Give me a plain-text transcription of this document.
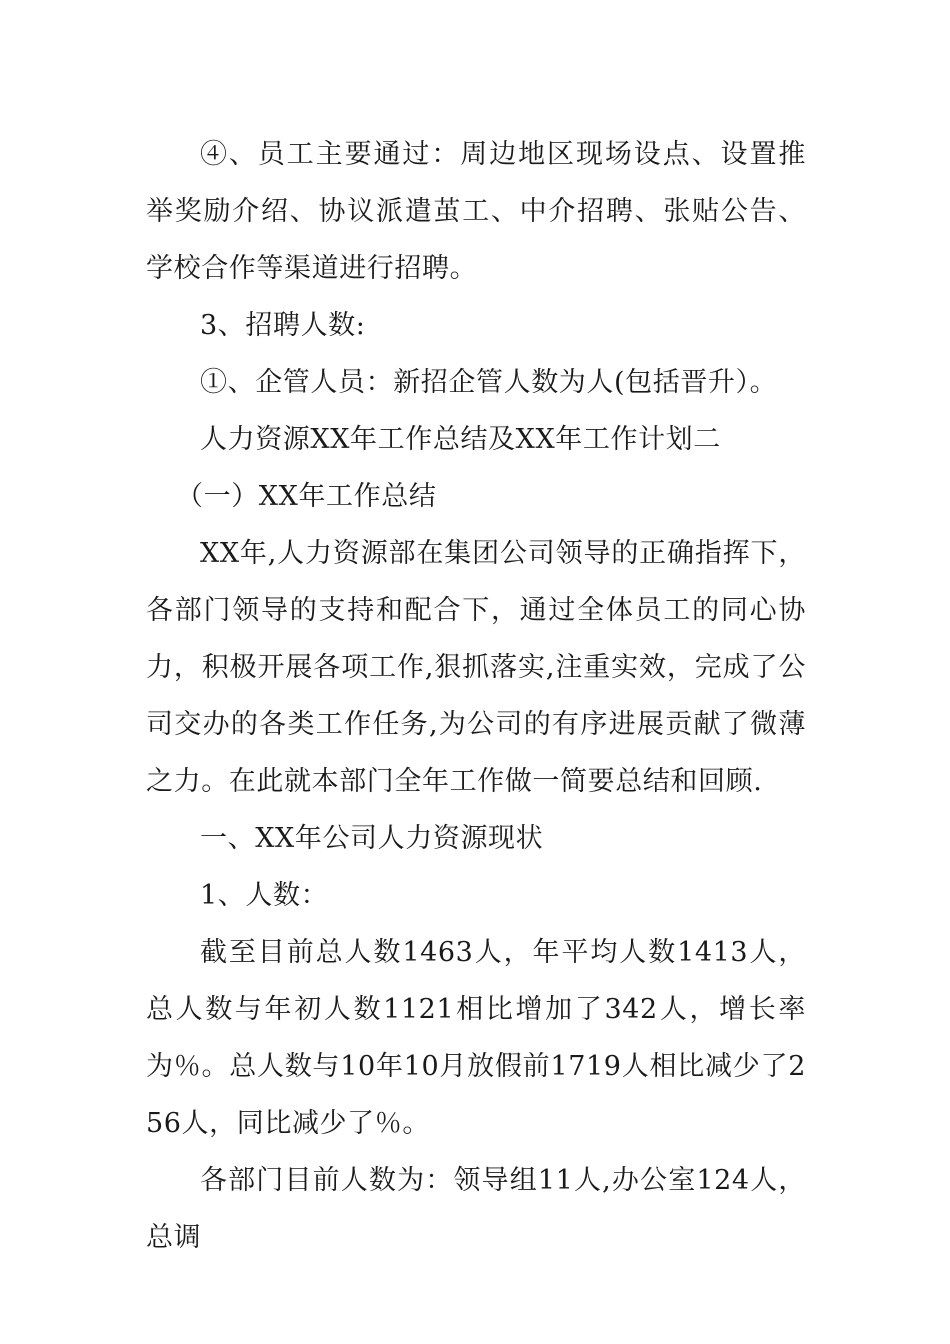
④、员工主要通过：周边地区现场设点、设置推举奖励介绍、协议派遣茧工、中介招聘、张贴公告、学校合作等渠道进行招聘。

3、招聘人数:

①、企管人员：新招企管人数为人(包括晋升）。

人力资源XX年工作总结及XX年工作计划二

（一）XX年工作总结

XX年,人力资源部在集团公司领导的正确指挥下，各部门领导的支持和配合下，通过全体员工的同心协力，积极开展各项工作,狠抓落实,注重实效，完成了公司交办的各类工作任务,为公司的有序进展贡献了微薄之力。在此就本部门全年工作做一简要总结和回顾.

一、XX年公司人力资源现状

1、人数：

截至目前总人数1463人，年平均人数1413人，总人数与年初人数1121相比增加了342人，增长率为％。总人数与10年10月放假前1719人相比减少了256人，同比减少了％。

各部门目前人数为：领导组11人,办公室124人，总调
